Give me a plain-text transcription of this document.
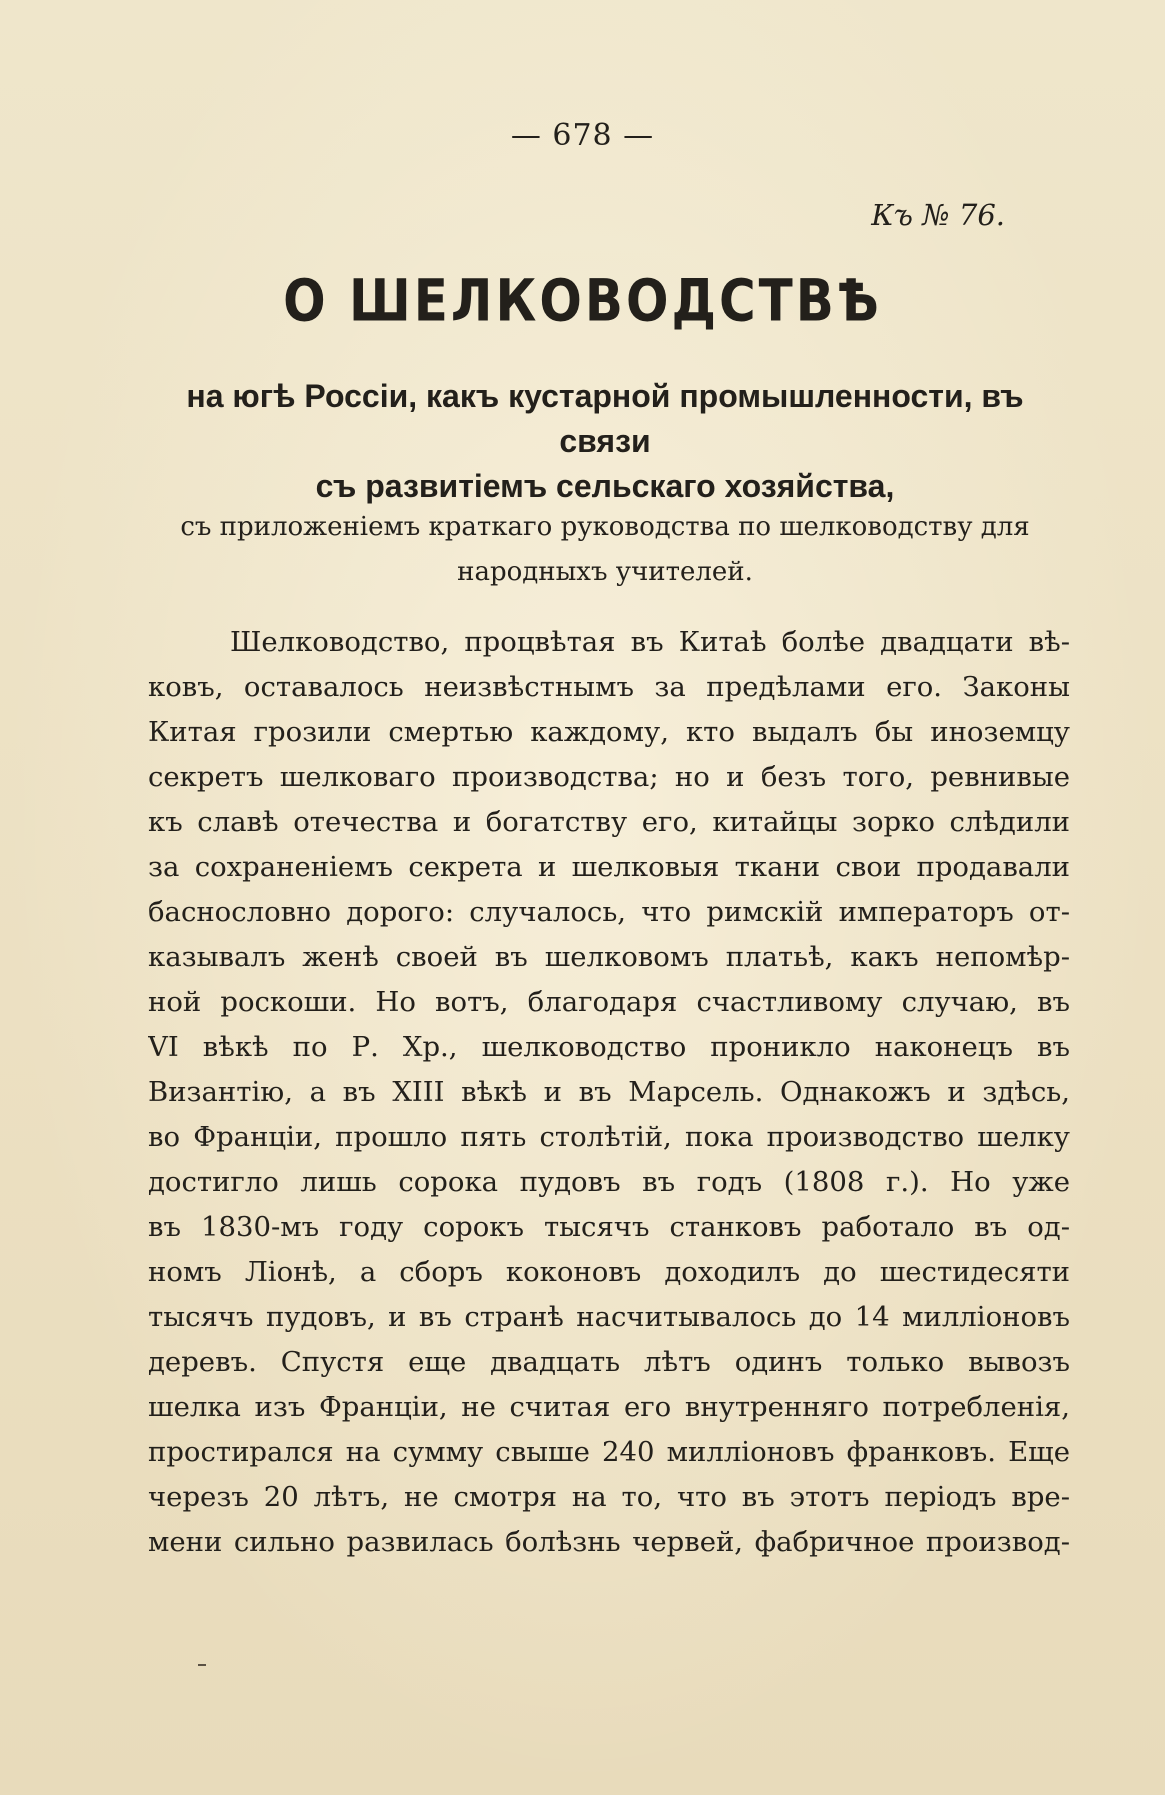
— 678 —
Къ № 76.
О ШЕЛКОВОДСТВѢ
на югѣ Россіи, какъ кустарной промышленности, въ связи
съ развитіемъ сельскаго хозяйства,
съ приложеніемъ краткаго руководства по шелководству для
народныхъ учителей.
Шелководство, процвѣтая въ Китаѣ болѣе двадцати вѣ-
ковъ, оставалось неизвѣстнымъ за предѣлами его. Законы
Китая грозили смертью каждому, кто выдалъ бы иноземцу
секретъ шелковаго производства; но и безъ того, ревнивые
къ славѣ отечества и богатству его, китайцы зорко слѣдили
за сохраненіемъ секрета и шелковыя ткани свои продавали
баснословно дорого: случалось, что римскій императоръ от-
казывалъ женѣ своей въ шелковомъ платьѣ, какъ непомѣр-
ной роскоши. Но вотъ, благодаря счастливому случаю, въ
VI вѣкѣ по Р. Хр., шелководство проникло наконецъ въ
Византію, а въ XIII вѣкѣ и въ Марсель. Однакожъ и здѣсь,
во Франціи, прошло пять столѣтій, пока производство шелку
достигло лишь сорока пудовъ въ годъ (1808 г.). Но уже
въ 1830-мъ году сорокъ тысячъ станковъ работало въ од-
номъ Ліонѣ, а сборъ коконовъ доходилъ до шестидесяти
тысячъ пудовъ, и въ странѣ насчитывалось до 14 милліоновъ
деревъ. Спустя еще двадцать лѣтъ одинъ только вывозъ
шелка изъ Франціи, не считая его внутренняго потребленія,
простирался на сумму свыше 240 милліоновъ франковъ. Еще
черезъ 20 лѣтъ, не смотря на то, что въ этотъ періодъ вре-
мени сильно развилась болѣзнь червей, фабричное производ-
